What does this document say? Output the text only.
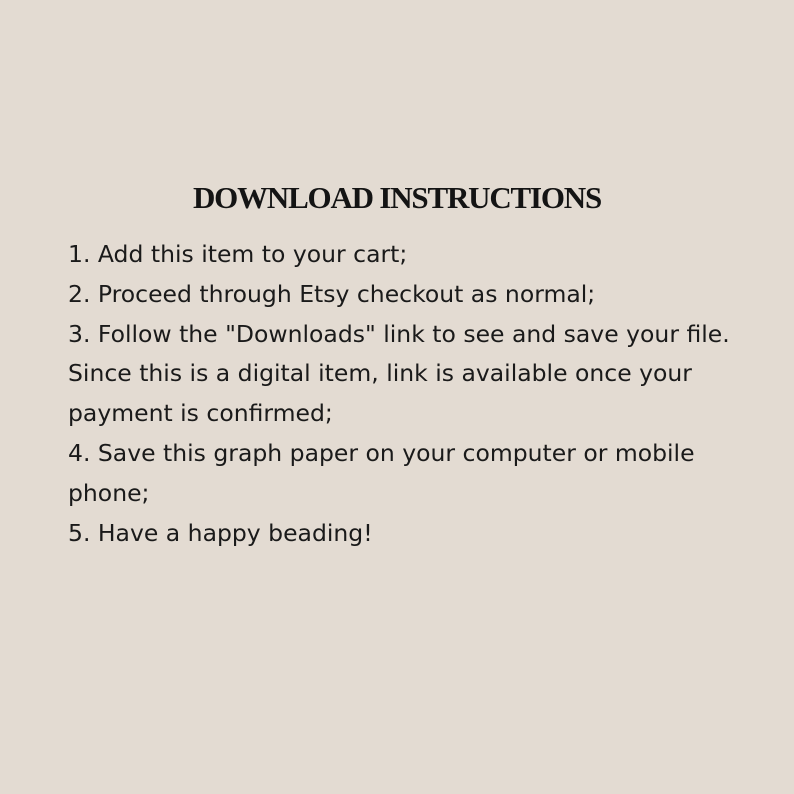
DOWNLOAD INSTRUCTIONS
1. Add this item to your cart;
2. Proceed through Etsy checkout as normal;
3. Follow the "Downloads" link to see and save your file. Since this is a digital item, link is available once your payment is confirmed;
4. Save this graph paper on your computer or mobile phone;
5. Have a happy beading!
